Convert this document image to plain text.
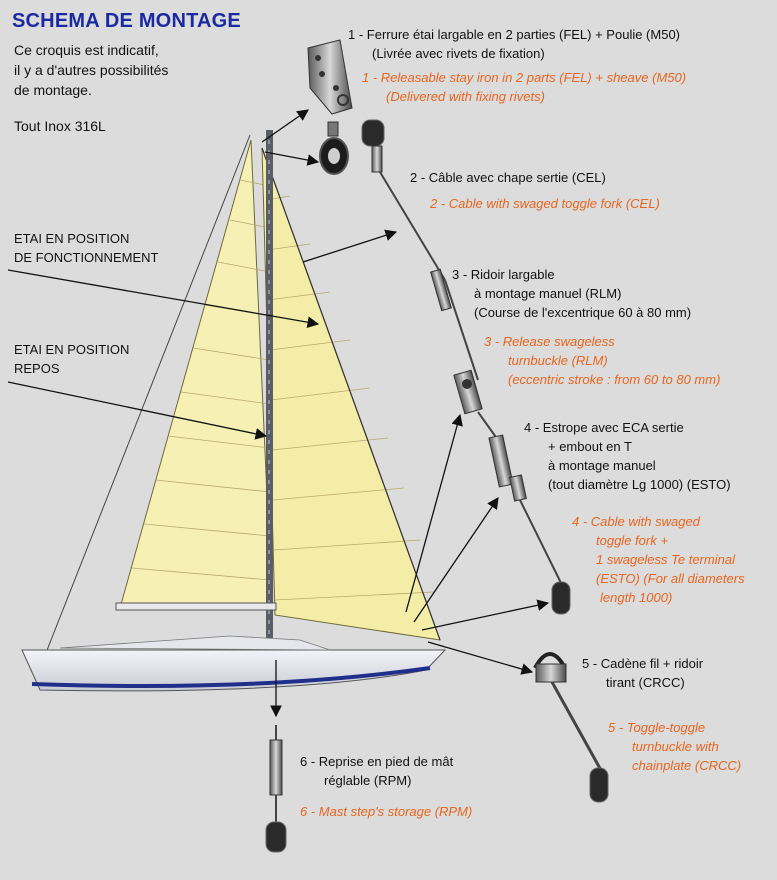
SCHEMA DE MONTAGE
Ce croquis est indicatif,
il y a d'autres possibilités
de montage.
Tout Inox 316L
ETAI EN POSITION
DE FONCTIONNEMENT
ETAI EN POSITION
REPOS
1 - Ferrure étai largable en 2 parties (FEL) + Poulie (M50)
(Livrée avec rivets de fixation)
1 - Releasable stay iron in 2 parts (FEL) + sheave (M50)
(Delivered with fixing rivets)
2 - Câble avec chape sertie (CEL)
2 - Cable with swaged toggle fork (CEL)
3 - Ridoir largable
à montage manuel (RLM)
(Course de l'excentrique 60 à 80 mm)
3 - Release swageless
turnbuckle (RLM)
(eccentric stroke : from 60 to 80 mm)
4 - Estrope avec ECA sertie
+ embout en T
à montage manuel
(tout diamètre Lg 1000) (ESTO)
4 - Cable with swaged
toggle fork +
1 swageless Te terminal
(ESTO) (For all diameters
length 1000)
5 - Cadène fil + ridoir
tirant (CRCC)
5 - Toggle-toggle
turnbuckle with
chainplate (CRCC)
6 - Reprise en pied de mât
réglable (RPM)
6 - Mast step's storage (RPM)
